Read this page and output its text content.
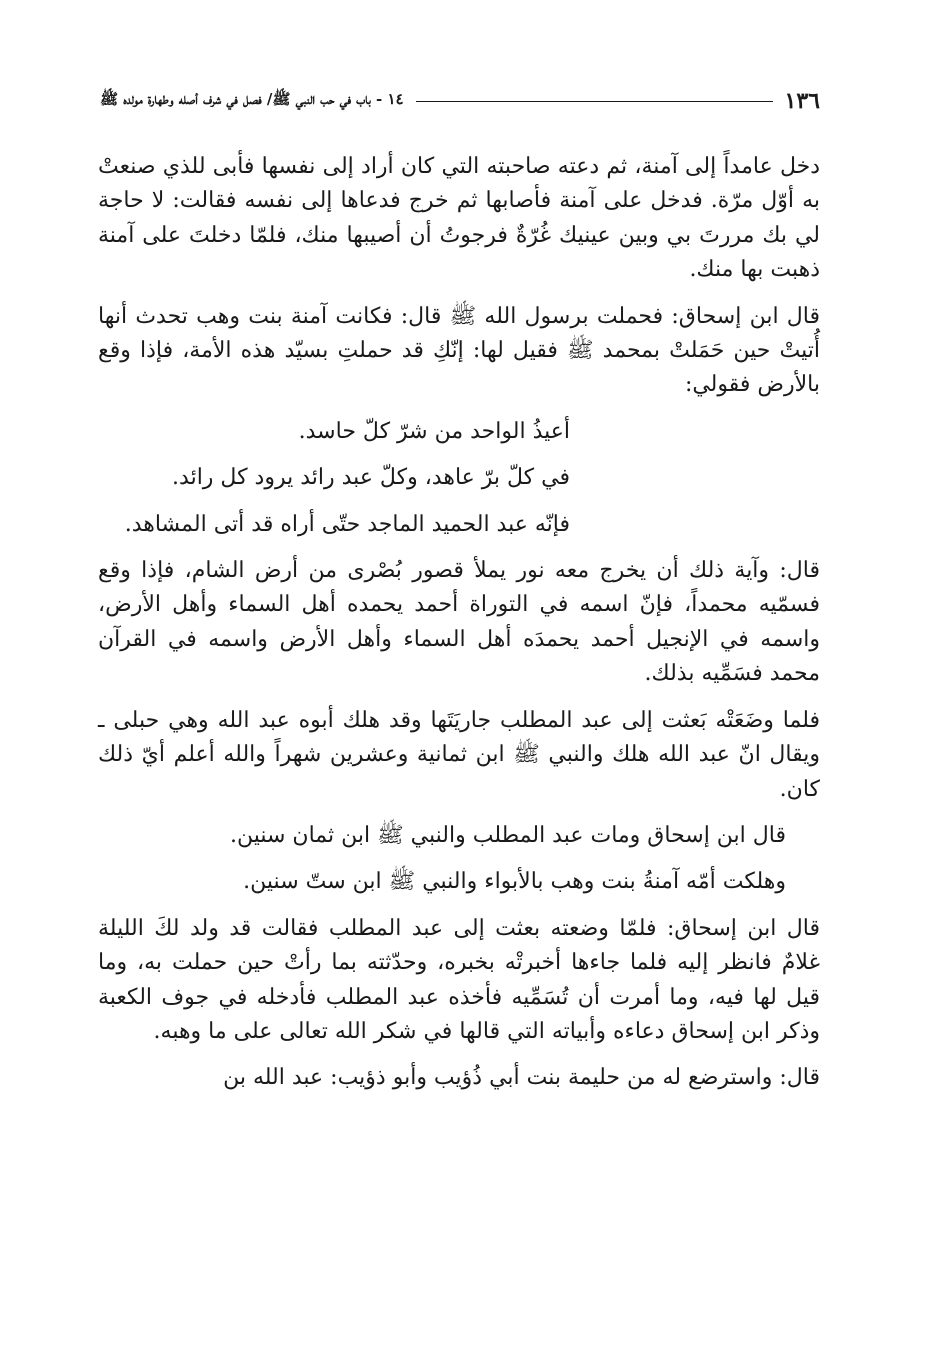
١٣٦
١٤ - باب في حب النبي ﷺ/ فصل في شرف أصله وطهارة مولده ﷺ

دخل عامداً إلى آمنة، ثم دعته صاحبته التي كان أراد إلى نفسها فأبى للذي صنعتْ به أوّل مرّة. فدخل على آمنة فأصابها ثم خرج فدعاها إلى نفسه فقالت: لا حاجة لي بك مررتَ بي وبين عينيك غُرّةٌ فرجوتُ أن أصيبها منك، فلمّا دخلتَ على آمنة ذهبت بها منك.

قال ابن إسحاق: فحملت برسول الله ﷺ قال: فكانت آمنة بنت وهب تحدث أنها أُتيتْ حين حَمَلتْ بمحمد ﷺ فقيل لها: إنّكِ قد حملتِ بسيّد هذه الأمة، فإذا وقع بالأرض فقولي:

أعيذُ الواحد من شرّ كلّ حاسد.

في كلّ برّ عاهد، وكلّ عبد رائد يرود كل رائد.

فإنّه عبد الحميد الماجد حتّى أراه قد أتى المشاهد.

قال: وآية ذلك أن يخرج معه نور يملأ قصور بُصْرى من أرض الشام، فإذا وقع فسمّيه محمداً، فإنّ اسمه في التوراة أحمد يحمده أهل السماء وأهل الأرض، واسمه في الإنجيل أحمد يحمدَه أهل السماء وأهل الأرض واسمه في القرآن محمد فسَمِّيه بذلك.

فلما وضَعَتْه بَعثت إلى عبد المطلب جاريَتَها وقد هلك أبوه عبد الله وهي حبلى ـ ويقال انّ عبد الله هلك والنبي ﷺ ابن ثمانية وعشرين شهراً والله أعلم أيّ ذلك كان.

قال ابن إسحاق ومات عبد المطلب والنبي ﷺ ابن ثمان سنين.

وهلكت أمّه آمنةُ بنت وهب بالأبواء والنبي ﷺ ابن ستّ سنين.

قال ابن إسحاق: فلمّا وضعته بعثت إلى عبد المطلب فقالت قد ولد لكَ الليلة غلامٌ فانظر إليه فلما جاءها أخبرتْه بخبره، وحدّثته بما رأتْ حين حملت به، وما قيل لها فيه، وما أمرت أن تُسَمِّيه فأخذه عبد المطلب فأدخله في جوف الكعبة وذكر ابن إسحاق دعاءه وأبياته التي قالها في شكر الله تعالى على ما وهبه.

قال: واسترضع له من حليمة بنت أبي ذُؤيب وأبو ذؤيب: عبد الله بن
